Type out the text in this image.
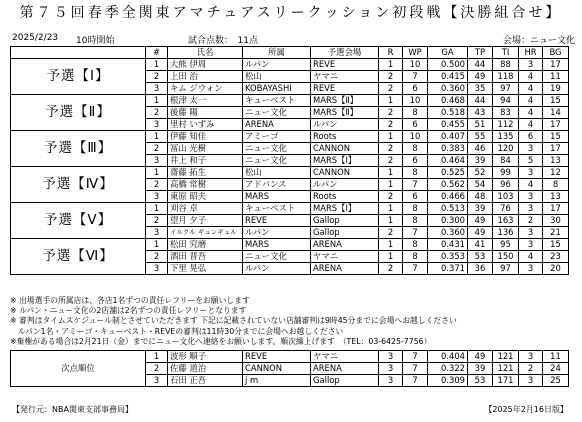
第７５回春季全関東アマチュアスリークッション初段戦【決勝組合せ】
2025/2/23 10時開始	試合点数：　11点	会場：ニュー文化
	#	氏名	所属	予選会場	R	WP	GA	TP	TI	HR	BG
予選【Ⅰ】	1	大熊 伊周	ルパン	REVE	1	10	0.500	44	88	3	17
	2	上田 治	松山	ヤマニ	2	7	0.415	49	118	4	11
	3	キム ジウォン	KOBAYASHI	REVE	2	6	0.360	35	97	4	19
予選【Ⅱ】	1	根津 太一	キューベスト	MARS【Ⅱ】	1	10	0.468	44	94	4	15
	2	後藤 陽	ニュー文化	MARS【Ⅱ】	2	8	0.518	43	83	4	14
	3	里村 いずみ	ARENA	ルパン	2	6	0.455	51	112	4	17
予選【Ⅲ】	1	伊藤 知佳	アミーゴ	Roots	1	10	0.407	55	135	6	15
	2	冨山 光樹	ニュー文化	CANNON	2	8	0.383	46	120	3	17
	3	井上 和子	ニュー文化	MARS【Ⅰ】	2	6	0.464	39	84	5	13
予選【Ⅳ】	1	齋藤 拓生	松山	CANNON	1	8	0.525	52	99	3	12
	2	高橋 常樹	アドバンス	ルパン	1	7	0.562	54	96	4	8
	3	東原 昭夫	MARS	Roots	2	6	0.466	48	103	3	13
予選【Ⅴ】	1	刈谷 卓	キューベスト	MARS【Ⅰ】	1	8	0.513	39	76	3	17
	2	望月 夕子	REVE	Gallop	1	8	0.300	49	163	2	30
	3	イルクル ギュンギュル	ルパン	Gallop	2	7	0.360	49	136	3	21
予選【Ⅵ】	1	松田 究磨	MARS	ARENA	1	8	0.431	41	95	3	15
	2	酒田 晋吾	ニュー文化	ヤマニ	1	8	0.353	53	150	4	23
	3	下里 晃弘	ルパン	ARENA	2	7	0.371	36	97	3	20
※ 出場選手の所属店は、各店1名ずつの責任レフリーをお願いします
※ ルパン・ニュー文化の2店舗は2名ずつの責任レフリーとなります
※ 審判はタイムスケジュール制とさせていただきます 下記に記載されていない店舗審判は9時45分までに会場へお越しください
　ルパン1名・アミーゴ・キューベスト・REVEの審判は11時30分までに会場へお越しください
※棄権がある場合は2月21日（金）までにニュー文化へ連絡をお願いします。順次繰上げます　（TEL：03-6425-7756）
次点順位	1	波形 順子	REVE	ヤマニ	3	7	0.404	49	121	3	11
	2	佐藤 道治	CANNON	ARENA	3	7	0.322	39	121	2	24
	3	石田 正吾	j m	Gallop	3	7	0.309	53	171	3	25
【発行元：NBA関東支部事務局】	【2025年2月16日版】
